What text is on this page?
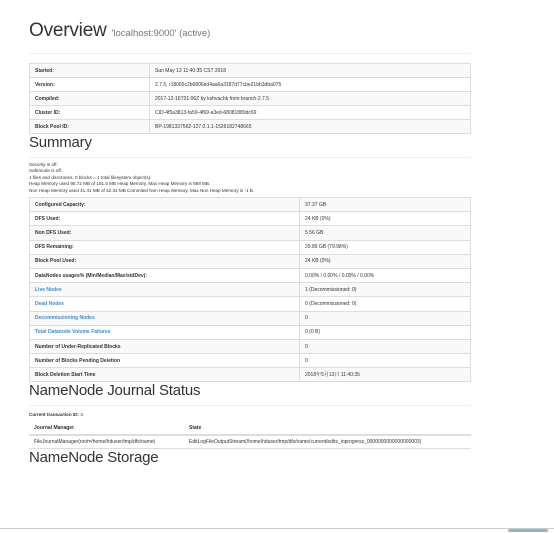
Overview 'localhost:9000' (active)
Started:	Sun May 13 11:40:35 CST 2018
Version:	2.7.5, r18065c2b6806ed4aa6a3187d77cbe21bb3dba075
Compiled:	2017-12-16T01:06Z by kshvachk from branch-2.7.5
Cluster ID:	CID-4f5a3813-fa59-4f69-a3ed-68081889dc69
Block Pool ID:	BP-1981337562-127.0.1.1-1526182748665
Summary
Security is off.
Safemode is off.
1 files and directories, 0 blocks = 1 total filesystem object(s).
Heap Memory used 95.72 MB of 191.5 MB Heap Memory. Max Heap Memory is 889 MB.
Non Heap Memory used 41.41 MB of 42.31 MB Commited Non Heap Memory. Max Non Heap Memory is -1 B.
Configured Capacity:	37.37 GB
DFS Used:	24 KB (0%)
Non DFS Used:	5.56 GB
DFS Remaining:	29.89 GB (79.98%)
Block Pool Used:	24 KB (0%)
DataNodes usages% (Min/Median/Max/stdDev):	0.00% / 0.00% / 0.00% / 0.00%
Live Nodes	1 (Decommissioned: 0)
Dead Nodes	0 (Decommissioned: 0)
Decommissioning Nodes	0
Total Datanode Volume Failures	0 (0 B)
Number of Under-Replicated Blocks	0
Number of Blocks Pending Deletion	0
Block Deletion Start Time	2018年5月13日 11:40:35
NameNode Journal Status
Current transaction ID: 3
Journal Manager	State
FileJournalManager(root=/home/hduser/tmp/dfs/name)	EditLogFileOutputStream(/home/hduser/tmp/dfs/name/current/edits_inprogress_0000000000000000003)
NameNode Storage
